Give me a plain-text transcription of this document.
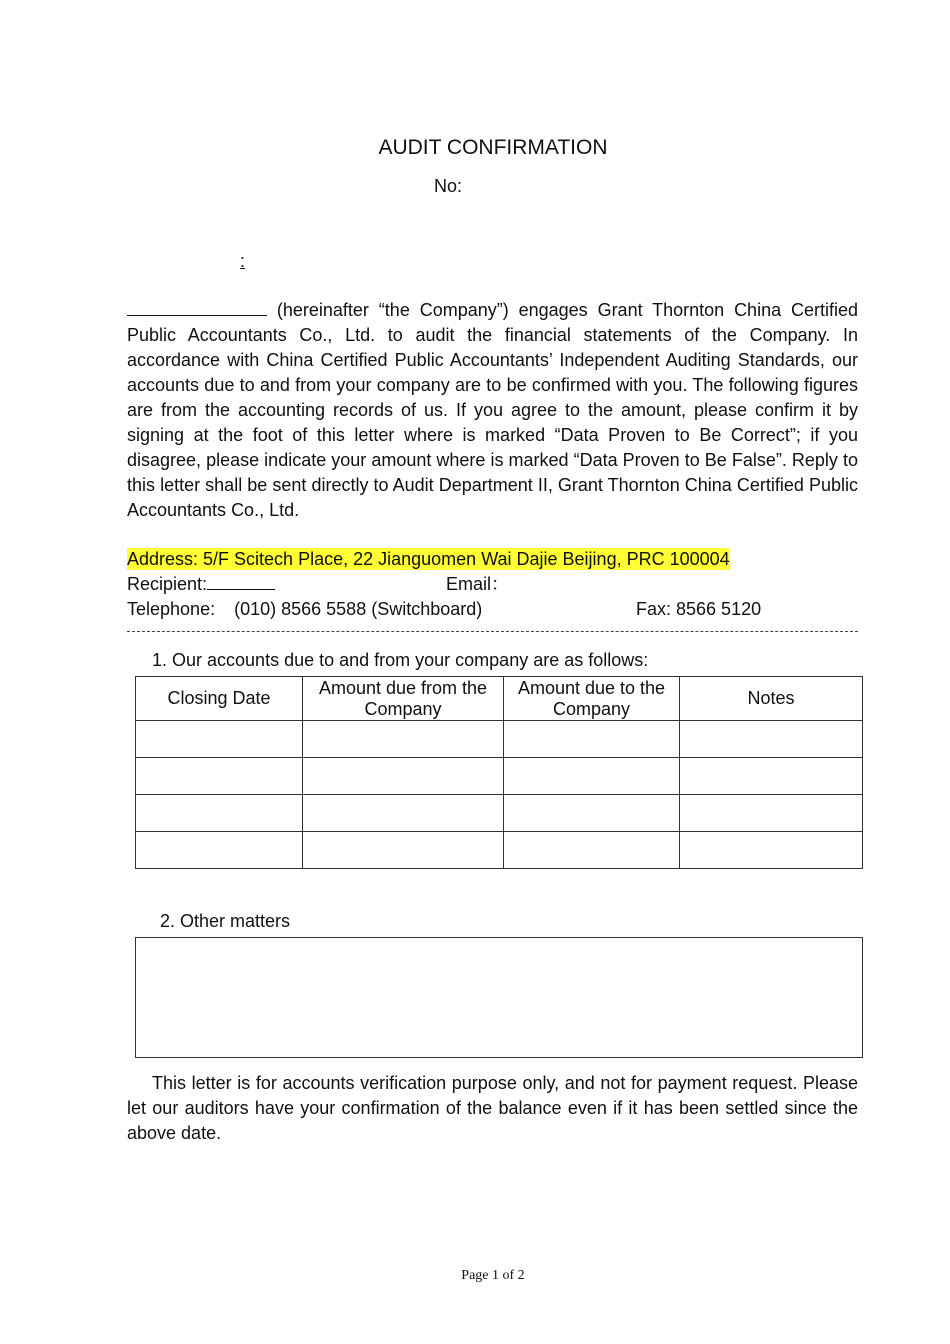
AUDIT CONFIRMATION
No:
:
(hereinafter “the Company”) engages Grant Thornton China Certified Public Accountants Co., Ltd. to audit the financial statements of the Company. In accordance with China Certified Public Accountants’ Independent Auditing Standards, our accounts due to and from your company are to be confirmed with you. The following figures are from the accounting records of us. If you agree to the amount, please confirm it by signing at the foot of this letter where is marked “Data Proven to Be Correct”; if you disagree, please indicate your amount where is marked “Data Proven to Be False”. Reply to this letter shall be sent directly to Audit Department II, Grant Thornton China Certified Public Accountants Co., Ltd.
Address: 5/F Scitech Place, 22 Jianguomen Wai Dajie Beijing, PRC 100004
Recipient:	Email：
Telephone: (010) 8566 5588 (Switchboard)	Fax: 8566 5120
1. Our accounts due to and from your company are as follows:
Closing Date	Amount due from the Company	Amount due to the Company	Notes

2. Other matters
This letter is for accounts verification purpose only, and not for payment request. Please let our auditors have your confirmation of the balance even if it has been settled since the above date.
Page 1 of 2
